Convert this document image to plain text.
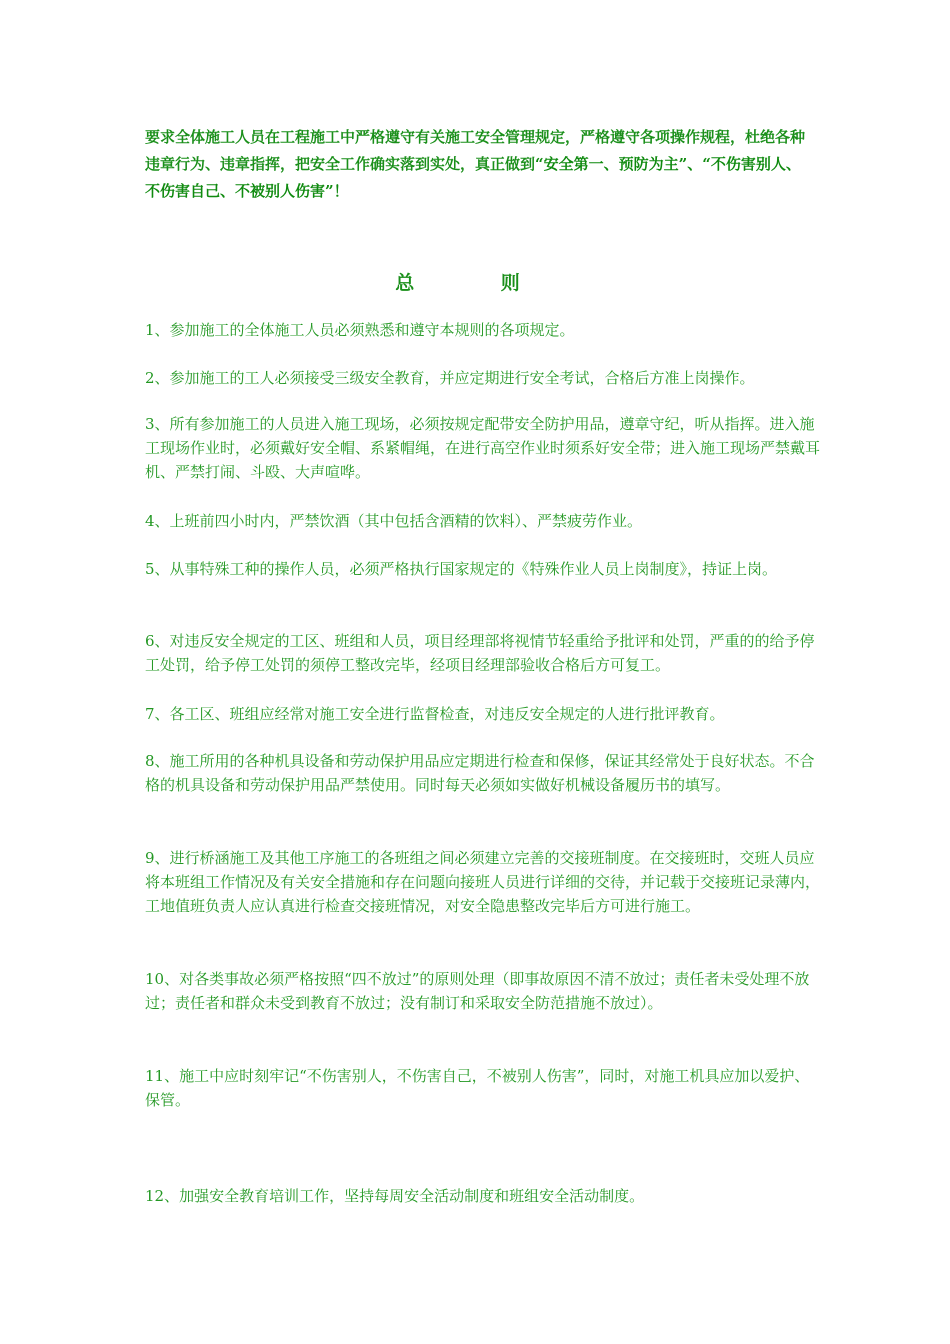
要求全体施工人员在工程施工中严格遵守有关施工安全管理规定，严格遵守各项操作规程，杜绝各种违章行为、违章指挥，把安全工作确实落到实处，真正做到“安全第一、预防为主”、“不伤害别人、不伤害自己、不被别人伤害”！
总 则
1、参加施工的全体施工人员必须熟悉和遵守本规则的各项规定。
2、参加施工的工人必须接受三级安全教育，并应定期进行安全考试，合格后方准上岗操作。
3、所有参加施工的人员进入施工现场，必须按规定配带安全防护用品，遵章守纪，听从指挥。进入施工现场作业时，必须戴好安全帽、系紧帽绳，在进行高空作业时须系好安全带；进入施工现场严禁戴耳机、严禁打闹、斗殴、大声喧哗。
4、上班前四小时内，严禁饮酒（其中包括含酒精的饮料）、严禁疲劳作业。
5、从事特殊工种的操作人员，必须严格执行国家规定的《特殊作业人员上岗制度》，持证上岗。
6、对违反安全规定的工区、班组和人员，项目经理部将视情节轻重给予批评和处罚，严重的的给予停工处罚，给予停工处罚的须停工整改完毕，经项目经理部验收合格后方可复工。
7、各工区、班组应经常对施工安全进行监督检查，对违反安全规定的人进行批评教育。
8、施工所用的各种机具设备和劳动保护用品应定期进行检查和保修，保证其经常处于良好状态。不合格的机具设备和劳动保护用品严禁使用。同时每天必须如实做好机械设备履历书的填写。
9、进行桥涵施工及其他工序施工的各班组之间必须建立完善的交接班制度。在交接班时，交班人员应将本班组工作情况及有关安全措施和存在问题向接班人员进行详细的交待，并记载于交接班记录薄内，工地值班负责人应认真进行检查交接班情况，对安全隐患整改完毕后方可进行施工。
10、对各类事故必须严格按照“四不放过”的原则处理（即事故原因不清不放过；责任者未受处理不放过；责任者和群众未受到教育不放过；没有制订和采取安全防范措施不放过）。
11、施工中应时刻牢记“不伤害别人，不伤害自己，不被别人伤害”，同时，对施工机具应加以爱护、保管。
12、加强安全教育培训工作，坚持每周安全活动制度和班组安全活动制度。
